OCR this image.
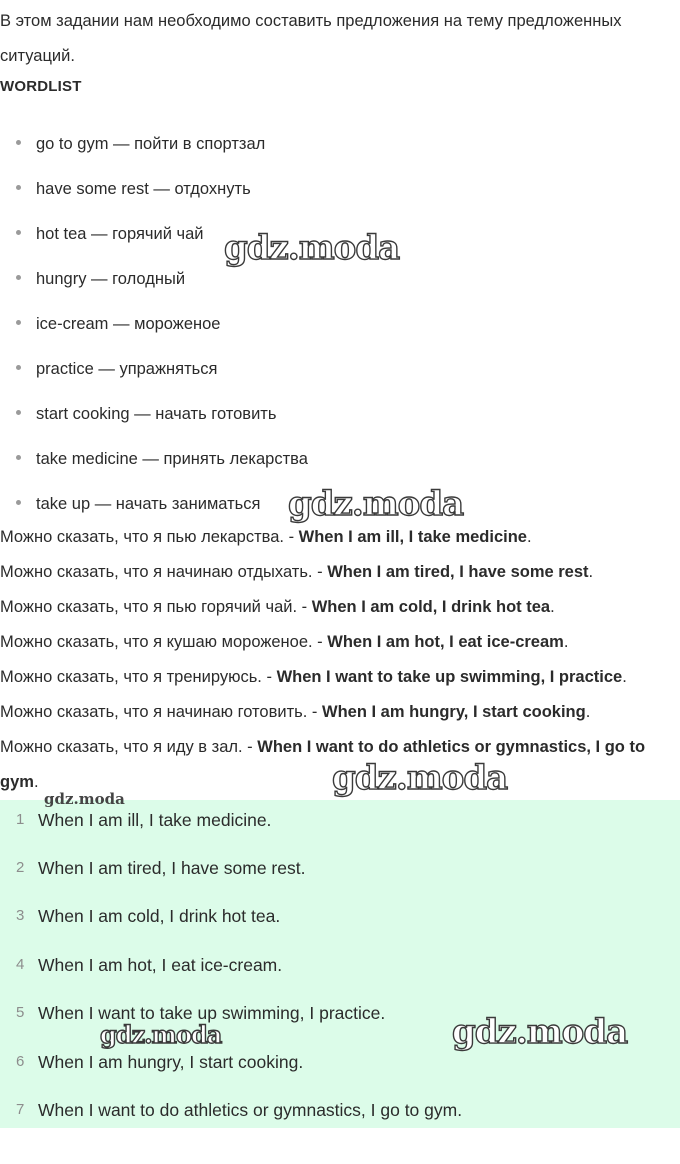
В этом задании нам необходимо составить предложения на тему предложенных ситуаций.

WORDLIST
go to gym — пойти в спортзал
have some rest — отдохнуть
hot tea — горячий чай
hungry — голодный
ice-cream — мороженое
practice — упражняться
start cooking — начать готовить
take medicine — принять лекарства
take up — начать заниматься

Можно сказать, что я пью лекарства. - When I am ill, I take medicine.

Можно сказать, что я начинаю отдыхать. - When I am tired, I have some rest.

Можно сказать, что я пью горячий чай. - When I am cold, I drink hot tea.

Можно сказать, что я кушаю мороженое. - When I am hot, I eat ice-cream.

Можно сказать, что я тренируюсь. - When I want to take up swimming, I practice.

Можно сказать, что я начинаю готовить. - When I am hungry, I start cooking.

Можно сказать, что я иду в зал. - When I want to do athletics or gymnastics, I go to gym.

1 When I am ill, I take medicine.
2 When I am tired, I have some rest.
3 When I am cold, I drink hot tea.
4 When I am hot, I eat ice-cream.
5 When I want to take up swimming, I practice.
6 When I am hungry, I start cooking.
7 When I want to do athletics or gymnastics, I go to gym.
gdz.moda
gdz.moda
gdz.moda
gdz.moda
gdz.moda
gdz.moda
